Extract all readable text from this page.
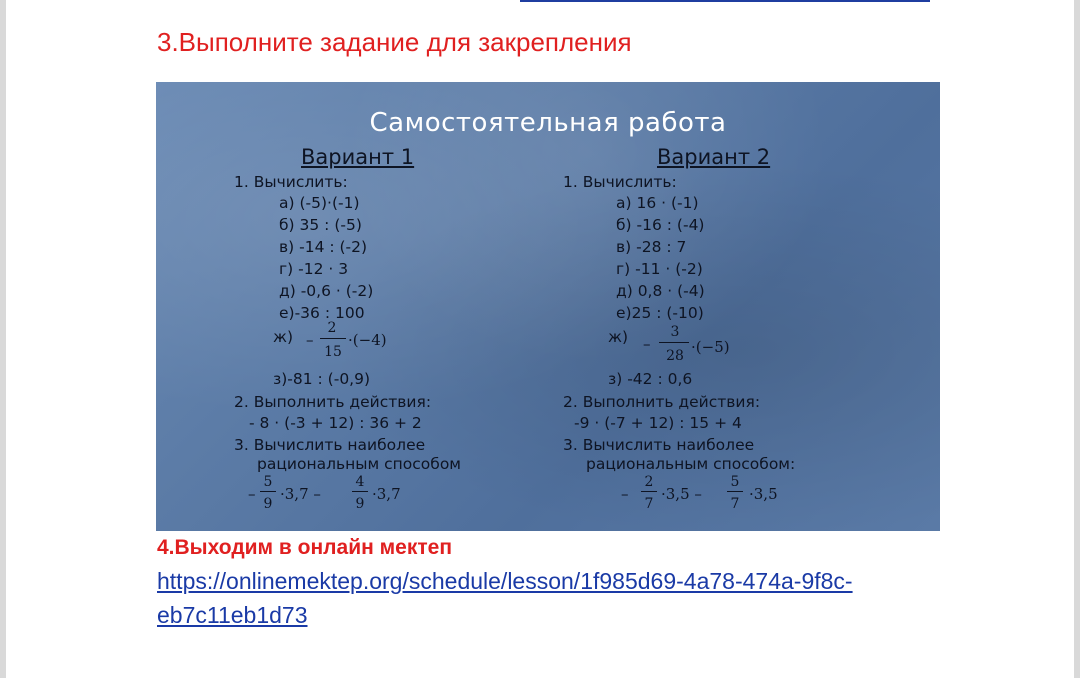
3.Выполните задание для закрепления
Самостоятельная работа
Вариант 1
1. Вычислить:
а) (-5)·(-1)
б) 35 : (-5)
в) -14 : (-2)
г) -12 · 3
д) -0,6 · (-2)
е)-36 : 100
ж) –
2
15
·(−4)
з)-81 : (-0,9)
2. Выполнить действия:
- 8 · (-3 + 12) : 36 + 2
3. Вычислить наиболее
рациональным способом
–
5
9
·3,7 –
4
9
·3,7
Вариант 2
1. Вычислить:
а) 16 · (-1)
б) -16 : (-4)
в) -28 : 7
г) -11 · (-2)
д) 0,8 · (-4)
е)25 : (-10)
ж) –
3
28 ·(−5)
з) -42 : 0,6
2. Выполнить действия:
-9 · (-7 + 12) : 15 + 4
3. Вычислить наиболее
рациональным способом:
–
2
7
·3,5 –
5
7
·3,5
4.Выходим в онлайн мектеп
https://onlinemektep.org/schedule/lesson/1f985d69-4a78-474a-9f8c-
eb7c11eb1d73
